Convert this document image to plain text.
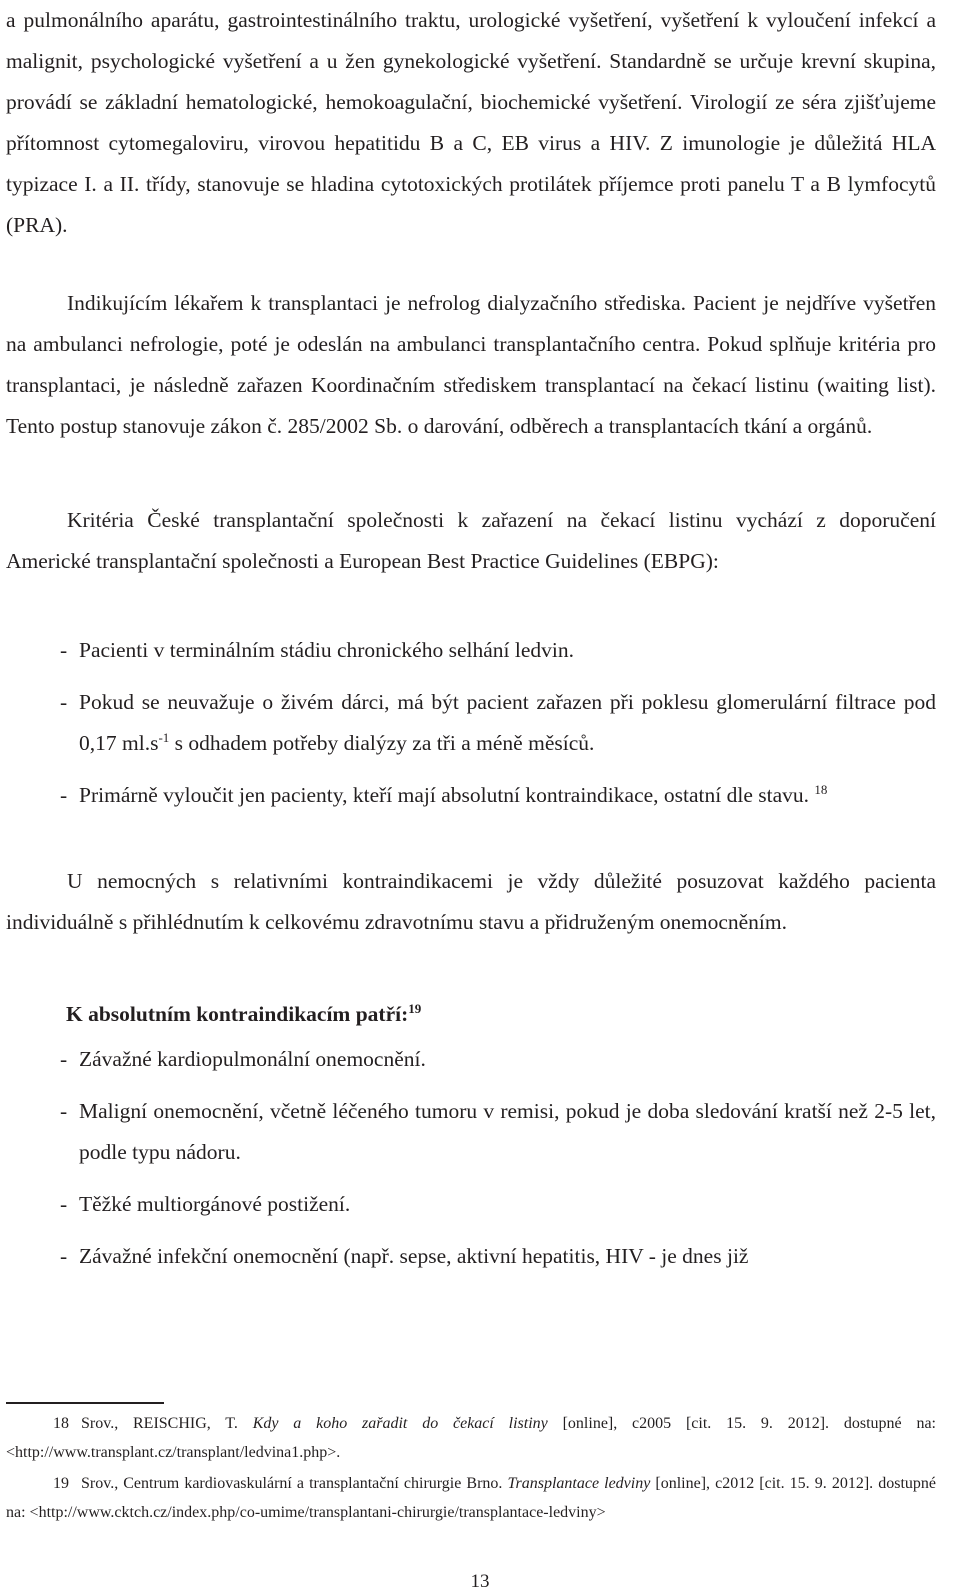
a pulmonálního aparátu, gastrointestinálního traktu, urologické vyšetření, vyšetření k vyloučení infekcí a malignit, psychologické vyšetření a u žen gynekologické vyšetření. Standardně se určuje krevní skupina, provádí se základní hematologické, hemokoagulační, biochemické vyšetření. Virologií ze séra zjišťujeme přítomnost cytomegaloviru, virovou hepatitidu B a C, EB virus a HIV. Z imunologie je důležitá HLA typizace I. a II. třídy, stanovuje se hladina cytotoxických protilátek příjemce proti panelu T a B lymfocytů (PRA).

Indikujícím lékařem k transplantaci je nefrolog dialyzačního střediska. Pacient je nejdříve vyšetřen na ambulanci nefrologie, poté je odeslán na ambulanci transplantačního centra. Pokud splňuje kritéria pro transplantaci, je následně zařazen Koordinačním střediskem transplantací na čekací listinu (waiting list). Tento postup stanovuje zákon č. 285/2002 Sb. o darování, odběrech a transplantacích tkání a orgánů.

Kritéria České transplantační společnosti k zařazení na čekací listinu vychází z doporučení Americké transplantační společnosti a European Best Practice Guidelines (EBPG):

- Pacienti v terminálním stádiu chronického selhání ledvin.
- Pokud se neuvažuje o živém dárci, má být pacient zařazen při poklesu glomerulární filtrace pod 0,17 $ml.s^{-1}$ s odhadem potřeby dialýzy za tři a méně měsíců.
- Primárně vyloučit jen pacienty, kteří mají absolutní kontraindikace, ostatní dle stavu. $^{18}$

U nemocných s relativními kontraindikacemi je vždy důležité posuzovat každého pacienta individuálně s přihlédnutím k celkovému zdravotnímu stavu a přidruženým onemocněním.

K absolutním kontraindikacím patří:$^{19}$
- Závažné kardiopulmonální onemocnění.
- Maligní onemocnění, včetně léčeného tumoru v remisi, pokud je doba sledování kratší než 2-5 let, podle typu nádoru.
- Těžké multiorgánové postižení.
- Závažné infekční onemocnění (např. sepse, aktivní hepatitis, HIV - je dnes již

18 Srov., REISCHIG, T. Kdy a koho zařadit do čekací listiny [online], c2005 [cit. 15. 9. 2012]. dostupné na: <http://www.transplant.cz/transplant/ledvina1.php>.

19 Srov., Centrum kardiovaskulární a transplantační chirurgie Brno. Transplantace ledviny [online], c2012 [cit. 15. 9. 2012]. dostupné na: <http://www.cktch.cz/index.php/co-umime/transplantani-chirurgie/transplantace-ledviny>

13
